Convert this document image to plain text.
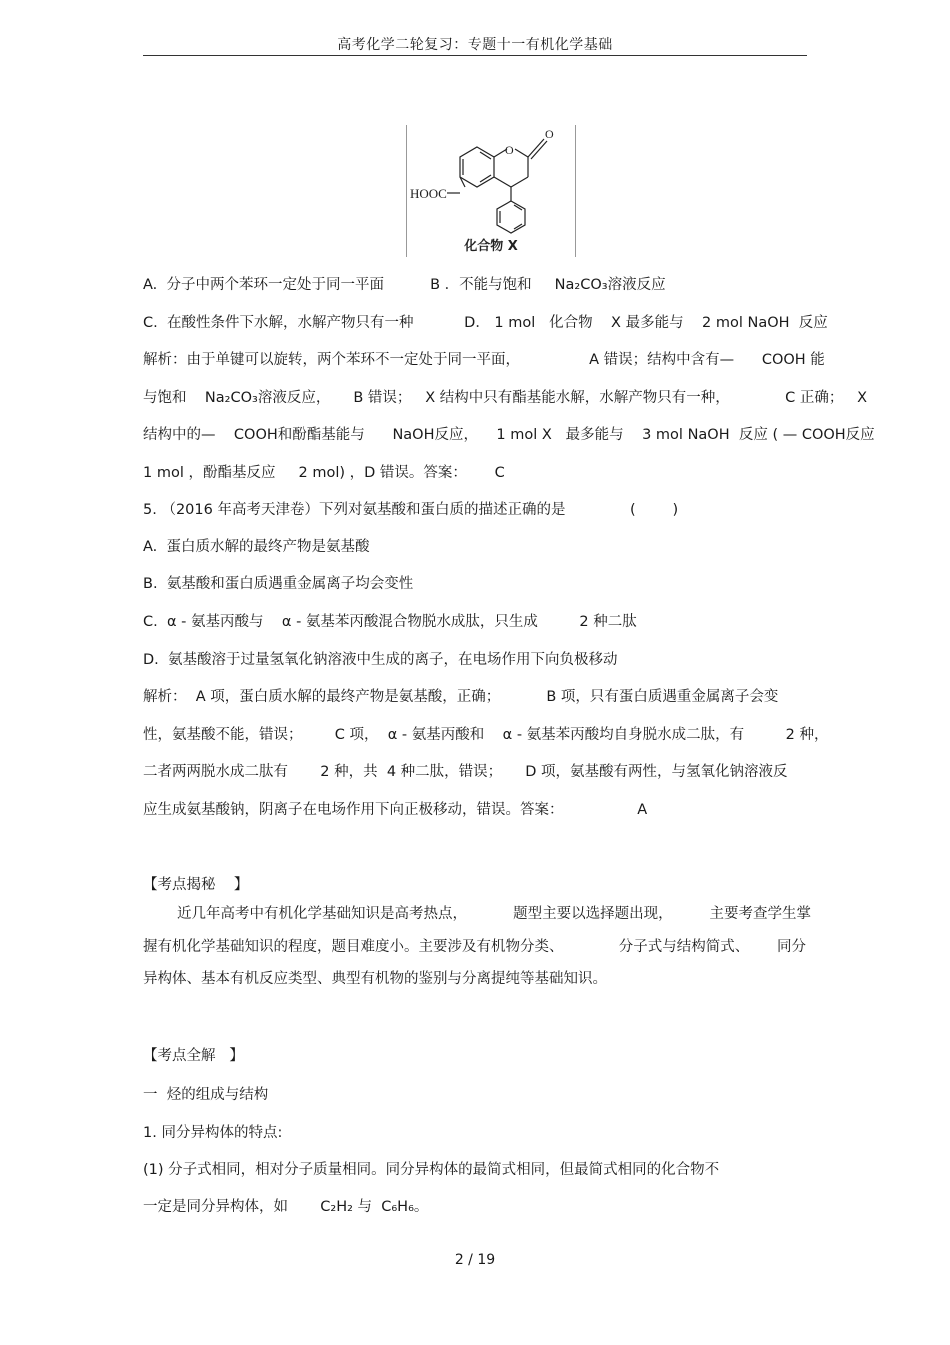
高考化学二轮复习：专题十一有机化学基础
O
O
HOOC
化合物 X
A.  分子中两个苯环一定处于同一平面          B ．不能与饱和     Na₂CO₃溶液反应
C.  在酸性条件下水解，水解产物只有一种           D． 1 mol   化合物    X 最多能与    2 mol NaOH  反应
解析：由于单键可以旋转，两个苯环不一定处于同一平面，               A 错误；结构中含有—      COOH 能
与饱和    Na₂CO₃溶液反应，     B 错误；   X 结构中只有酯基能水解，水解产物只有一种，            C 正确；   X
结构中的—    COOH和酚酯基能与      NaOH反应，    1 mol X   最多能与    3 mol NaOH  反应 ( — COOH反应
1 mol ，酚酯基反应     2 mol) ，D 错误。答案：      C
5. （2016 年高考天津卷）下列对氨基酸和蛋白质的描述正确的是              (        )
A.  蛋白质水解的最终产物是氨基酸
B.  氨基酸和蛋白质遇重金属离子均会变性
C.  α - 氨基丙酸与    α - 氨基苯丙酸混合物脱水成肽，只生成         2 种二肽
D.  氨基酸溶于过量氢氧化钠溶液中生成的离子，在电场作用下向负极移动
解析：  A 项，蛋白质水解的最终产物是氨基酸，正确；          B 项，只有蛋白质遇重金属离子会变
性，氨基酸不能，错误；       C 项，  α - 氨基丙酸和    α - 氨基苯丙酸均自身脱水成二肽，有         2 种，
二者两两脱水成二肽有       2 种，共  4 种二肽，错误；     D 项，氨基酸有两性，与氢氧化钠溶液反
应生成氨基酸钠，阴离子在电场作用下向正极移动，错误。答案：                A
【考点揭秘    】
近几年高考中有机化学基础知识是高考热点，          题型主要以选择题出现，        主要考查学生掌
握有机化学基础知识的程度，题目难度小。主要涉及有机物分类、            分子式与结构简式、      同分
异构体、基本有机反应类型、典型有机物的鉴别与分离提纯等基础知识。
【考点全解   】
一  烃的组成与结构
1. 同分异构体的特点:
(1) 分子式相同，相对分子质量相同。同分异构体的最简式相同，但最简式相同的化合物不
一定是同分异构体，如       C₂H₂ 与  C₆H₆。
2 / 19
